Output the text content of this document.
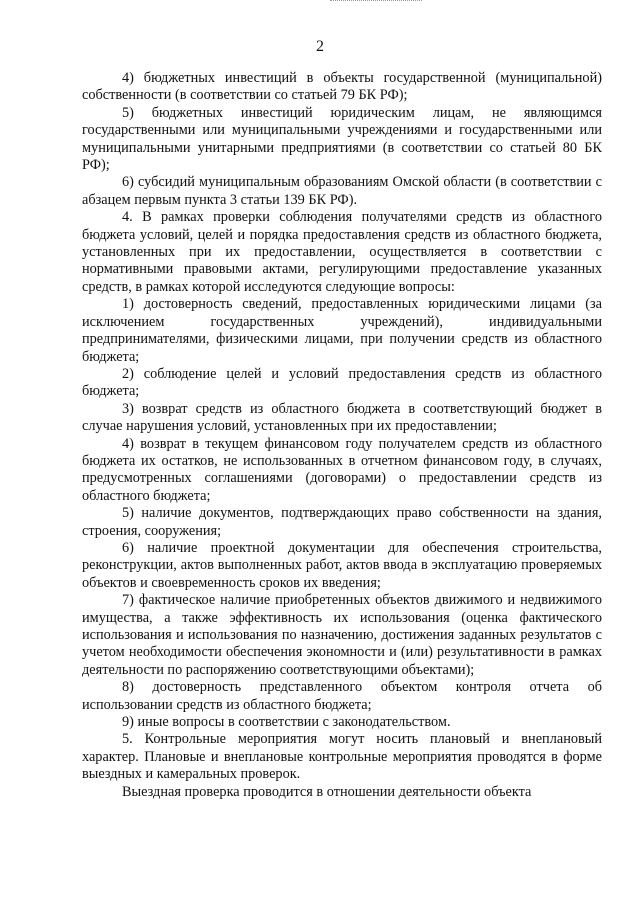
2

4) бюджетных инвестиций в объекты государственной (муниципальной) собственности (в соответствии со статьей 79 БК РФ);

5) бюджетных инвестиций юридическим лицам, не являющимся государственными или муниципальными учреждениями и государственными или муниципальными унитарными предприятиями (в соответствии со статьей 80 БК РФ);

6) субсидий муниципальным образованиям Омской области (в соответствии с абзацем первым пункта 3 статьи 139 БК РФ).

4. В рамках проверки соблюдения получателями средств из областного бюджета условий, целей и порядка предоставления средств из областного бюджета, установленных при их предоставлении, осуществляется в соответствии с нормативными правовыми актами, регулирующими предоставление указанных средств, в рамках которой исследуются следующие вопросы:

1) достоверность сведений, предоставленных юридическими лицами (за исключением государственных учреждений), индивидуальными предпринимателями, физическими лицами, при получении средств из областного бюджета;

2) соблюдение целей и условий предоставления средств из областного бюджета;

3) возврат средств из областного бюджета в соответствующий бюджет в случае нарушения условий, установленных при их предоставлении;

4) возврат в текущем финансовом году получателем средств из областного бюджета их остатков, не использованных в отчетном финансовом году, в случаях, предусмотренных соглашениями (договорами) о предоставлении средств из областного бюджета;

5) наличие документов, подтверждающих право собственности на здания, строения, сооружения;

6) наличие проектной документации для обеспечения строительства, реконструкции, актов выполненных работ, актов ввода в эксплуатацию проверяемых объектов и своевременность сроков их введения;

7) фактическое наличие приобретенных объектов движимого и недвижимого имущества, а также эффективность их использования (оценка фактического использования и использования по назначению, достижения заданных результатов с учетом необходимости обеспечения экономности и (или) результативности в рамках деятельности по распоряжению соответствующими объектами);

8) достоверность представленного объектом контроля отчета об использовании средств из областного бюджета;

9) иные вопросы в соответствии с законодательством.

5. Контрольные мероприятия могут носить плановый и внеплановый характер. Плановые и внеплановые контрольные мероприятия проводятся в форме выездных и камеральных проверок.

Выездная проверка проводится в отношении деятельности объекта
